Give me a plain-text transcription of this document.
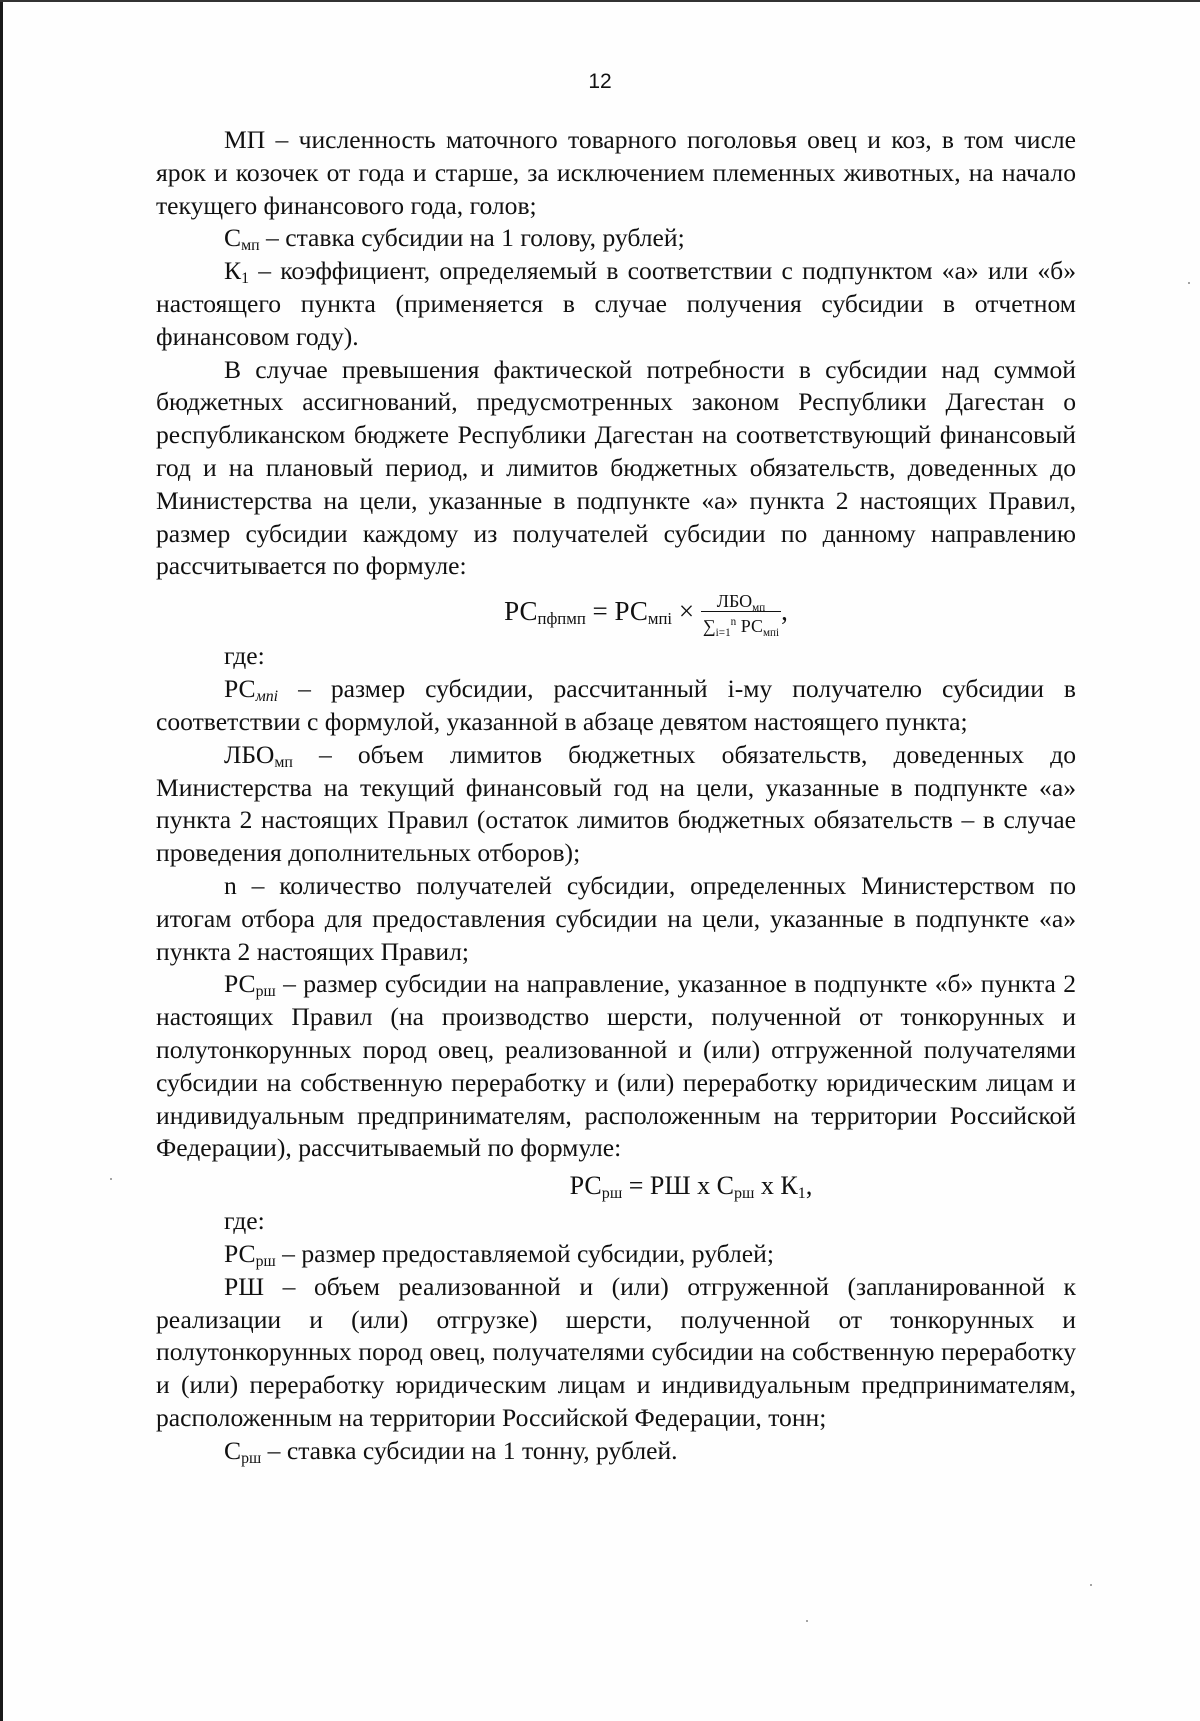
12

МП – численность маточного товарного поголовья овец и коз, в том числе ярок и козочек от года и старше, за исключением племенных животных, на начало текущего финансового года, голов;

$С_{мп}$ – ставка субсидии на 1 голову, рублей;

$К_1$ – коэффициент, определяемый в соответствии с подпунктом «а» или «б» настоящего пункта (применяется в случае получения субсидии в отчетном финансовом году).

В случае превышения фактической потребности в субсидии над суммой бюджетных ассигнований, предусмотренных законом Республики Дагестан о республиканском бюджете Республики Дагестан на соответствующий финансовый год и на плановый период, и лимитов бюджетных обязательств, доведенных до Министерства на цели, указанные в подпункте «а» пункта 2 настоящих Правил, размер субсидии каждому из получателей субсидии по данному направлению рассчитывается по формуле:

$РС_{пфпмп} = РС_{мпi} \times \frac{ЛБО_{мп}}{\sum_{i=1}^n РС_{мпi}}$ ,

где:

$РС_{мпi}$ – размер субсидии, рассчитанный i-му получателю субсидии в соответствии с формулой, указанной в абзаце девятом настоящего пункта;

$ЛБО_{мп}$ – объем лимитов бюджетных обязательств, доведенных до Министерства на текущий финансовый год на цели, указанные в подпункте «а» пункта 2 настоящих Правил (остаток лимитов бюджетных обязательств – в случае проведения дополнительных отборов);

n – количество получателей субсидии, определенных Министерством по итогам отбора для предоставления субсидии на цели, указанные в подпункте «а» пункта 2 настоящих Правил;

$РС_{рш}$ – размер субсидии на направление, указанное в подпункте «б» пункта 2 настоящих Правил (на производство шерсти, полученной от тонкорунных и полутонкорунных пород овец, реализованной и (или) отгруженной получателями субсидии на собственную переработку и (или) переработку юридическим лицам и индивидуальным предпринимателям, расположенным на территории Российской Федерации), рассчитываемый по формуле:

$РС_{рш}$ = РШ х $С_{рш}$ х $К_1$,

где:

$РС_{рш}$ – размер предоставляемой субсидии, рублей;

РШ – объем реализованной и (или) отгруженной (запланированной к реализации и (или) отгрузке) шерсти, полученной от тонкорунных и полутонкорунных пород овец, получателями субсидии на собственную переработку и (или) переработку юридическим лицам и индивидуальным предпринимателям, расположенным на территории Российской Федерации, тонн;

$С_{рш}$ – ставка субсидии на 1 тонну, рублей.
